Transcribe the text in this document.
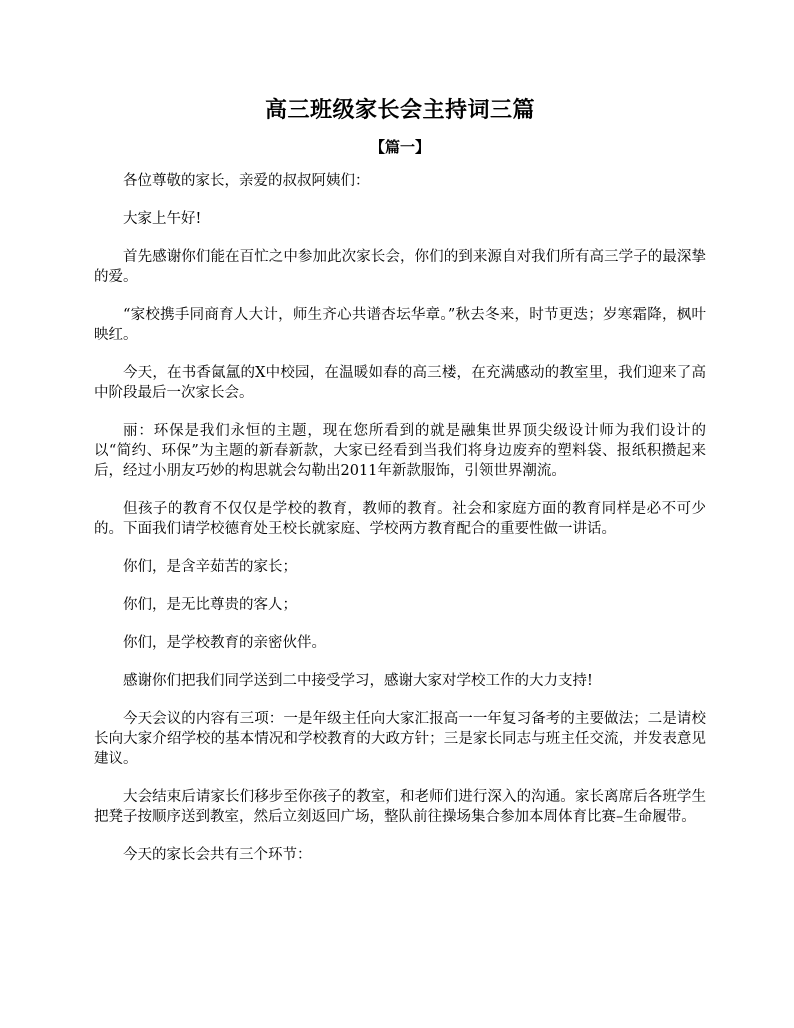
高三班级家长会主持词三篇
【篇一】

各位尊敬的家长，亲爱的叔叔阿姨们：

大家上午好!

首先感谢你们能在百忙之中参加此次家长会，你们的到来源自对我们所有高三学子的最深挚的爱。

“家校携手同商育人大计，师生齐心共谱杏坛华章。”秋去冬来，时节更迭；岁寒霜降，枫叶映红。

今天，在书香氤氲的X中校园，在温暖如春的高三楼，在充满感动的教室里，我们迎来了高中阶段最后一次家长会。

丽：环保是我们永恒的主题，现在您所看到的就是融集世界顶尖级设计师为我们设计的以“简约、环保”为主题的新春新款，大家已经看到当我们将身边废弃的塑料袋、报纸积攒起来后，经过小朋友巧妙的构思就会勾勒出2011年新款服饰，引领世界潮流。

但孩子的教育不仅仅是学校的教育，教师的教育。社会和家庭方面的教育同样是必不可少的。下面我们请学校德育处王校长就家庭、学校两方教育配合的重要性做一讲话。

你们，是含辛茹苦的家长；

你们，是无比尊贵的客人；

你们，是学校教育的亲密伙伴。

感谢你们把我们同学送到二中接受学习，感谢大家对学校工作的大力支持!

今天会议的内容有三项：一是年级主任向大家汇报高一一年复习备考的主要做法；二是请校长向大家介绍学校的基本情况和学校教育的大政方针；三是家长同志与班主任交流，并发表意见建议。

大会结束后请家长们移步至你孩子的教室，和老师们进行深入的沟通。家长离席后各班学生把凳子按顺序送到教室，然后立刻返回广场，整队前往操场集合参加本周体育比赛–生命履带。

今天的家长会共有三个环节：
